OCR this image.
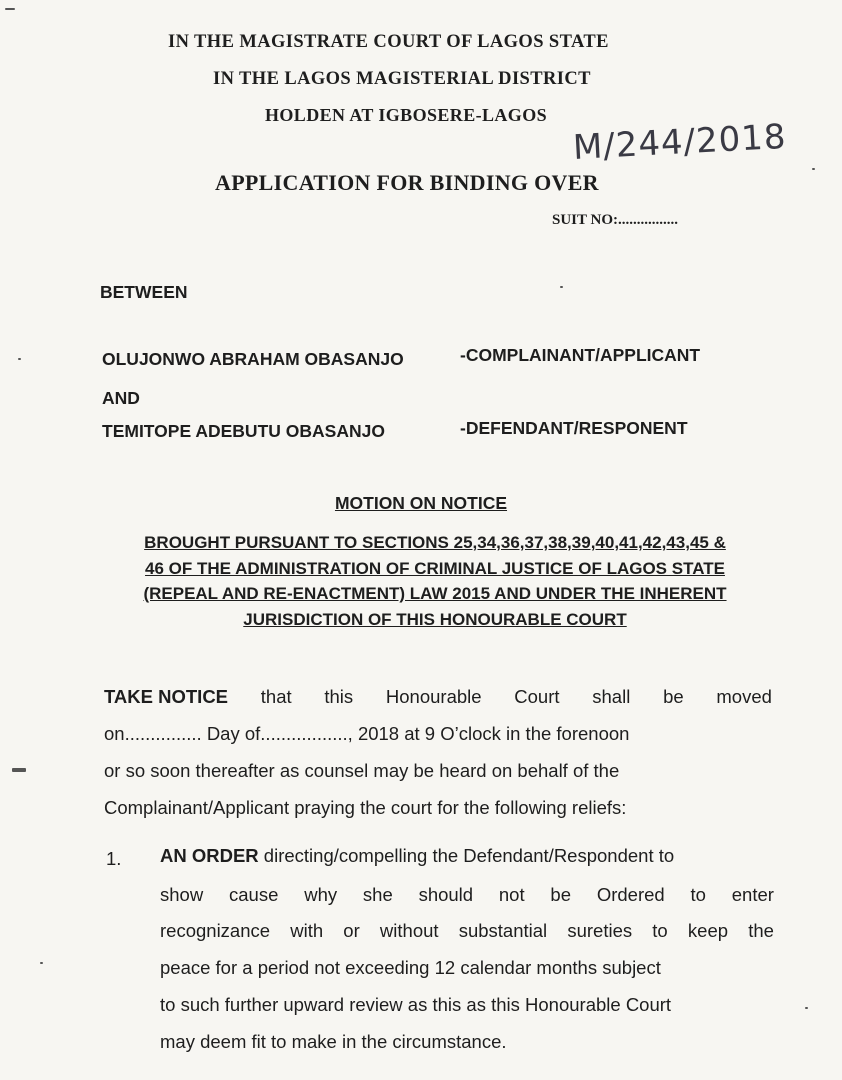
IN THE MAGISTRATE COURT OF LAGOS STATE
IN THE LAGOS MAGISTERIAL DISTRICT
HOLDEN AT IGBOSERE-LAGOS
M/244/2018
APPLICATION FOR BINDING OVER
SUIT NO:................
BETWEEN
OLUJONWO ABRAHAM OBASANJO	-COMPLAINANT/APPLICANT
AND
TEMITOPE ADEBUTU OBASANJO	-DEFENDANT/RESPONENT
MOTION ON NOTICE
BROUGHT PURSUANT TO SECTIONS 25,34,36,37,38,39,40,41,42,43,45 &
46 OF THE ADMINISTRATION OF CRIMINAL JUSTICE OF LAGOS STATE
(REPEAL AND RE-ENACTMENT) LAW 2015 AND UNDER THE INHERENT
JURISDICTION OF THIS HONOURABLE COURT
TAKE NOTICE that this Honourable Court shall be moved
on............... Day of................., 2018 at 9 O’clock in the forenoon
or so soon thereafter as counsel may be heard on behalf of the
Complainant/Applicant praying the court for the following reliefs:
1. AN ORDER directing/compelling the Defendant/Respondent to
show cause why she should not be Ordered to enter
recognizance with or without substantial sureties to keep the
peace for a period not exceeding 12 calendar months subject
to such further upward review as this as this Honourable Court
may deem fit to make in the circumstance.
